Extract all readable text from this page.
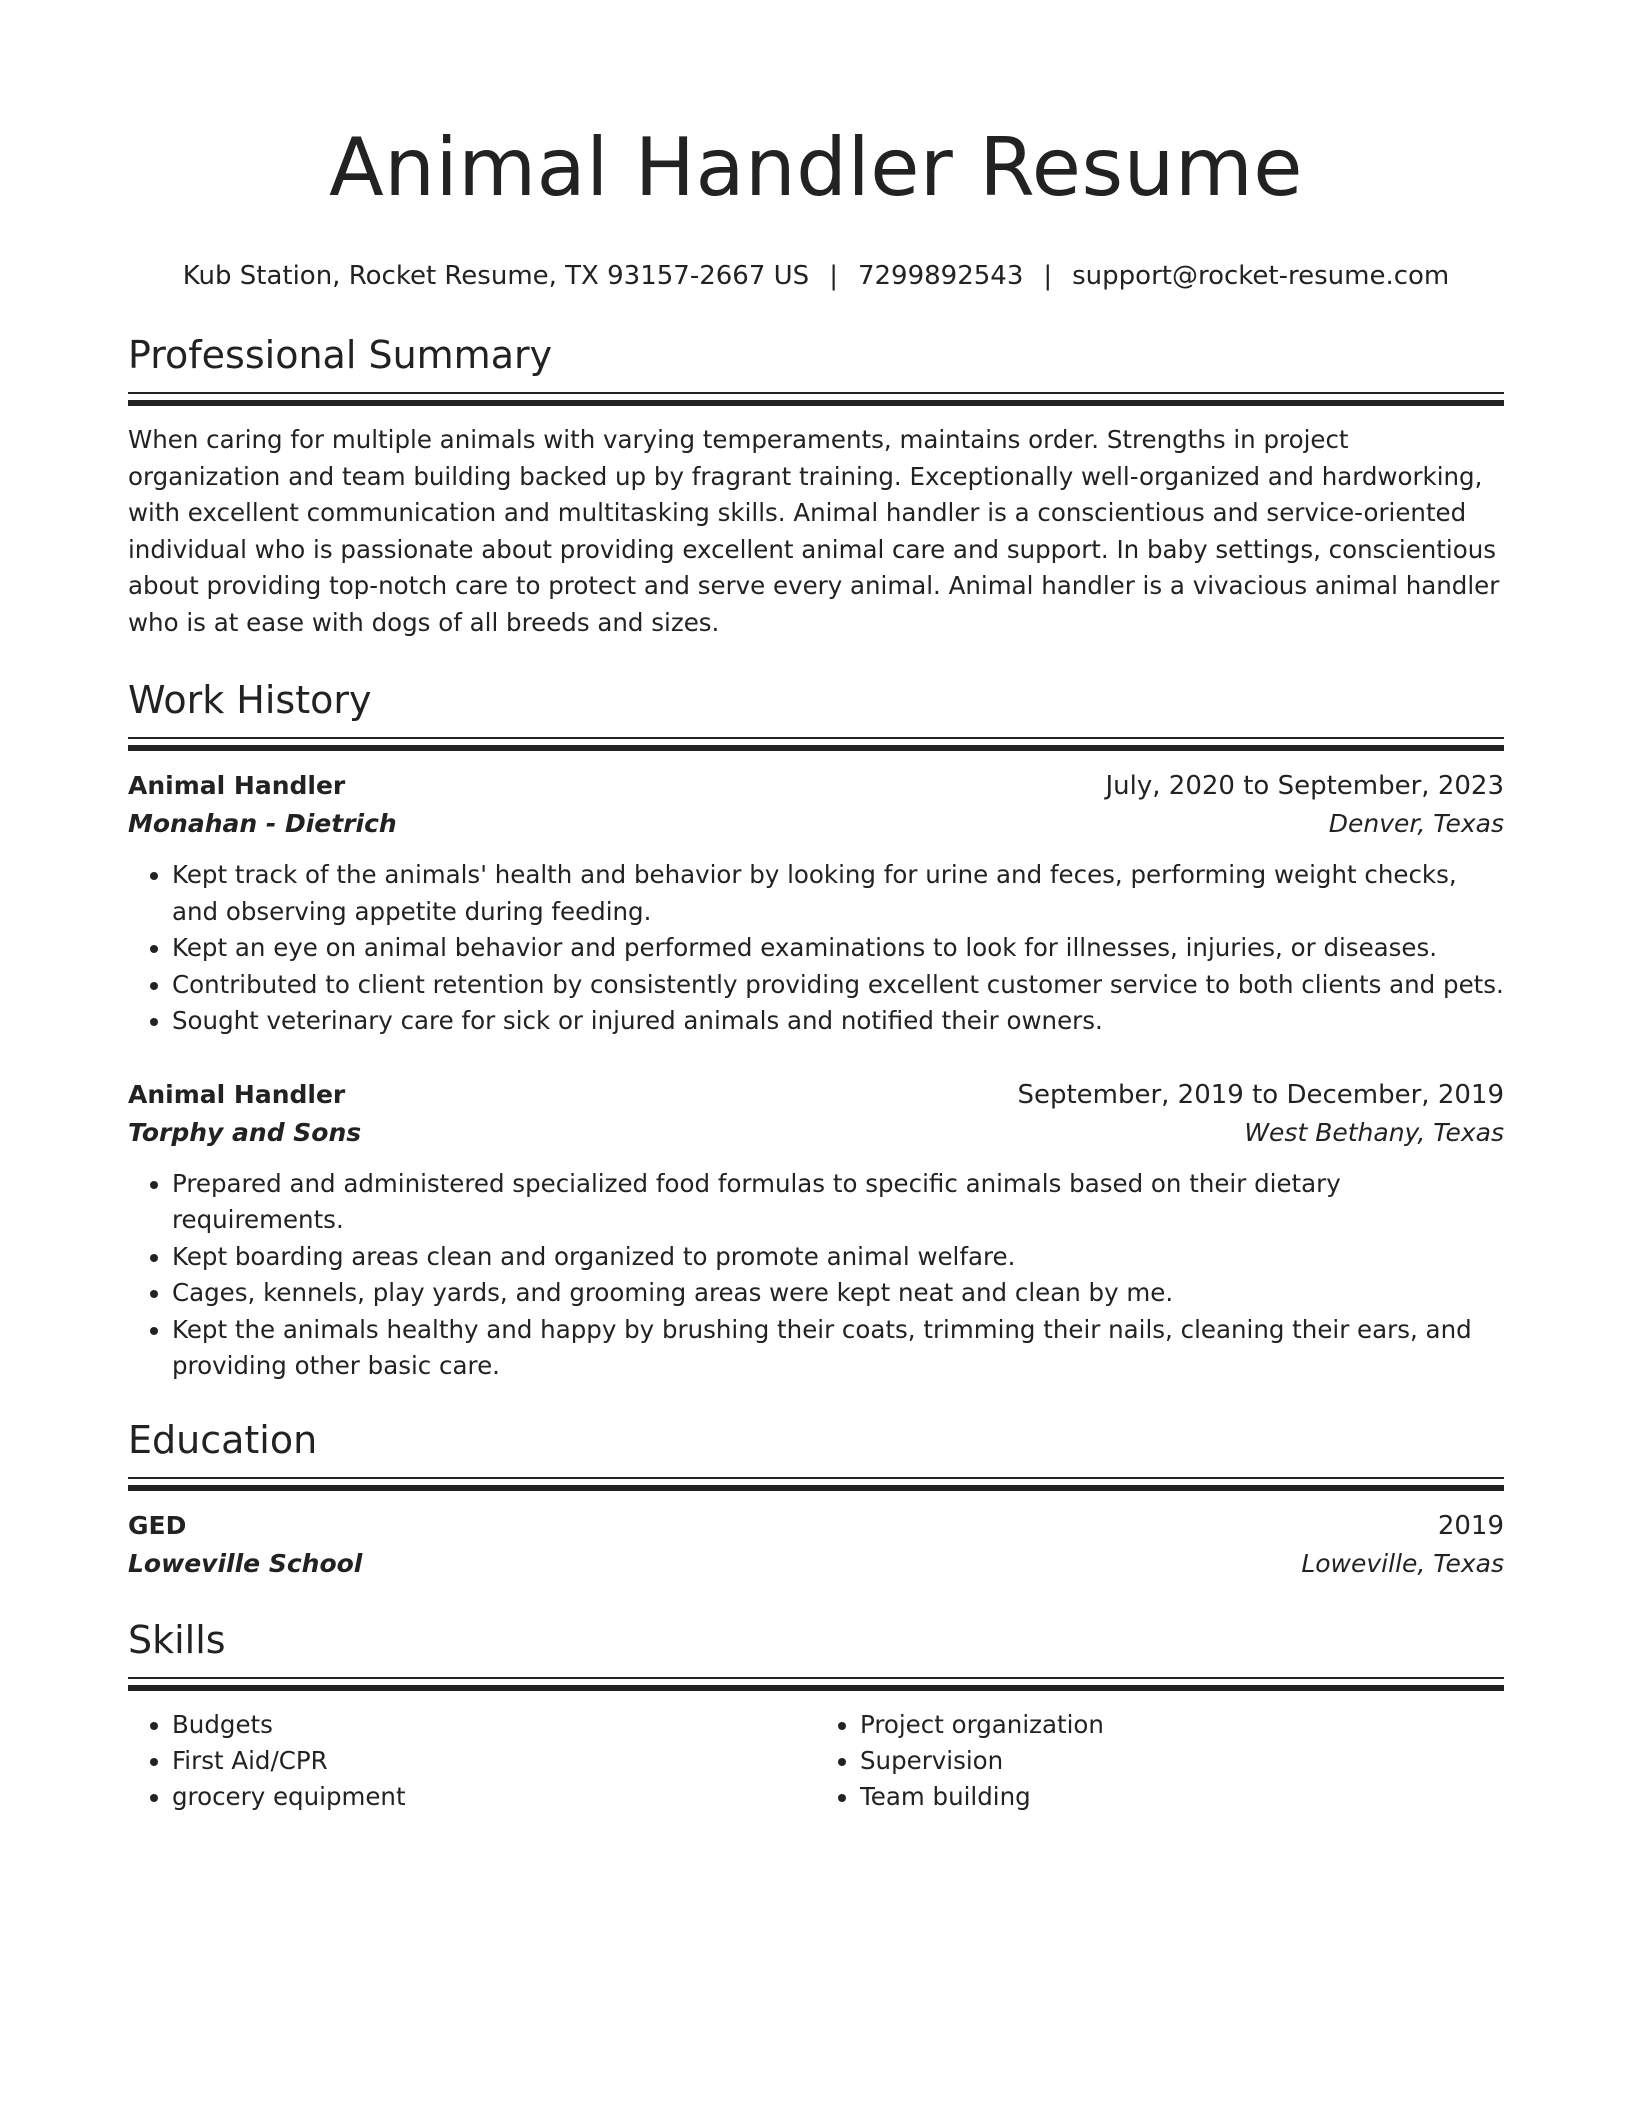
Animal Handler Resume
Kub Station, Rocket Resume, TX 93157-2667 US | 7299892543 | support@rocket-resume.com
Professional Summary

When caring for multiple animals with varying temperaments, maintains order. Strengths in project organization and team building backed up by fragrant training. Exceptionally well-organized and hardworking, with excellent communication and multitasking skills. Animal handler is a conscientious and service-oriented individual who is passionate about providing excellent animal care and support. In baby settings, conscientious about providing top-notch care to protect and serve every animal. Animal handler is a vivacious animal handler who is at ease with dogs of all breeds and sizes.

Work History
Animal Handler	July, 2020 to September, 2023
Monahan - Dietrich	Denver, Texas
• Kept track of the animals' health and behavior by looking for urine and feces, performing weight checks, and observing appetite during feeding.
• Kept an eye on animal behavior and performed examinations to look for illnesses, injuries, or diseases.
• Contributed to client retention by consistently providing excellent customer service to both clients and pets.
• Sought veterinary care for sick or injured animals and notified their owners.
Animal Handler	September, 2019 to December, 2019
Torphy and Sons	West Bethany, Texas
• Prepared and administered specialized food formulas to specific animals based on their dietary requirements.
• Kept boarding areas clean and organized to promote animal welfare.
• Cages, kennels, play yards, and grooming areas were kept neat and clean by me.
• Kept the animals healthy and happy by brushing their coats, trimming their nails, cleaning their ears, and providing other basic care.
Education
GED	2019
Loweville School	Loweville, Texas
Skills
• Budgets
• First Aid/CPR
• grocery equipment
• Project organization
• Supervision
• Team building
